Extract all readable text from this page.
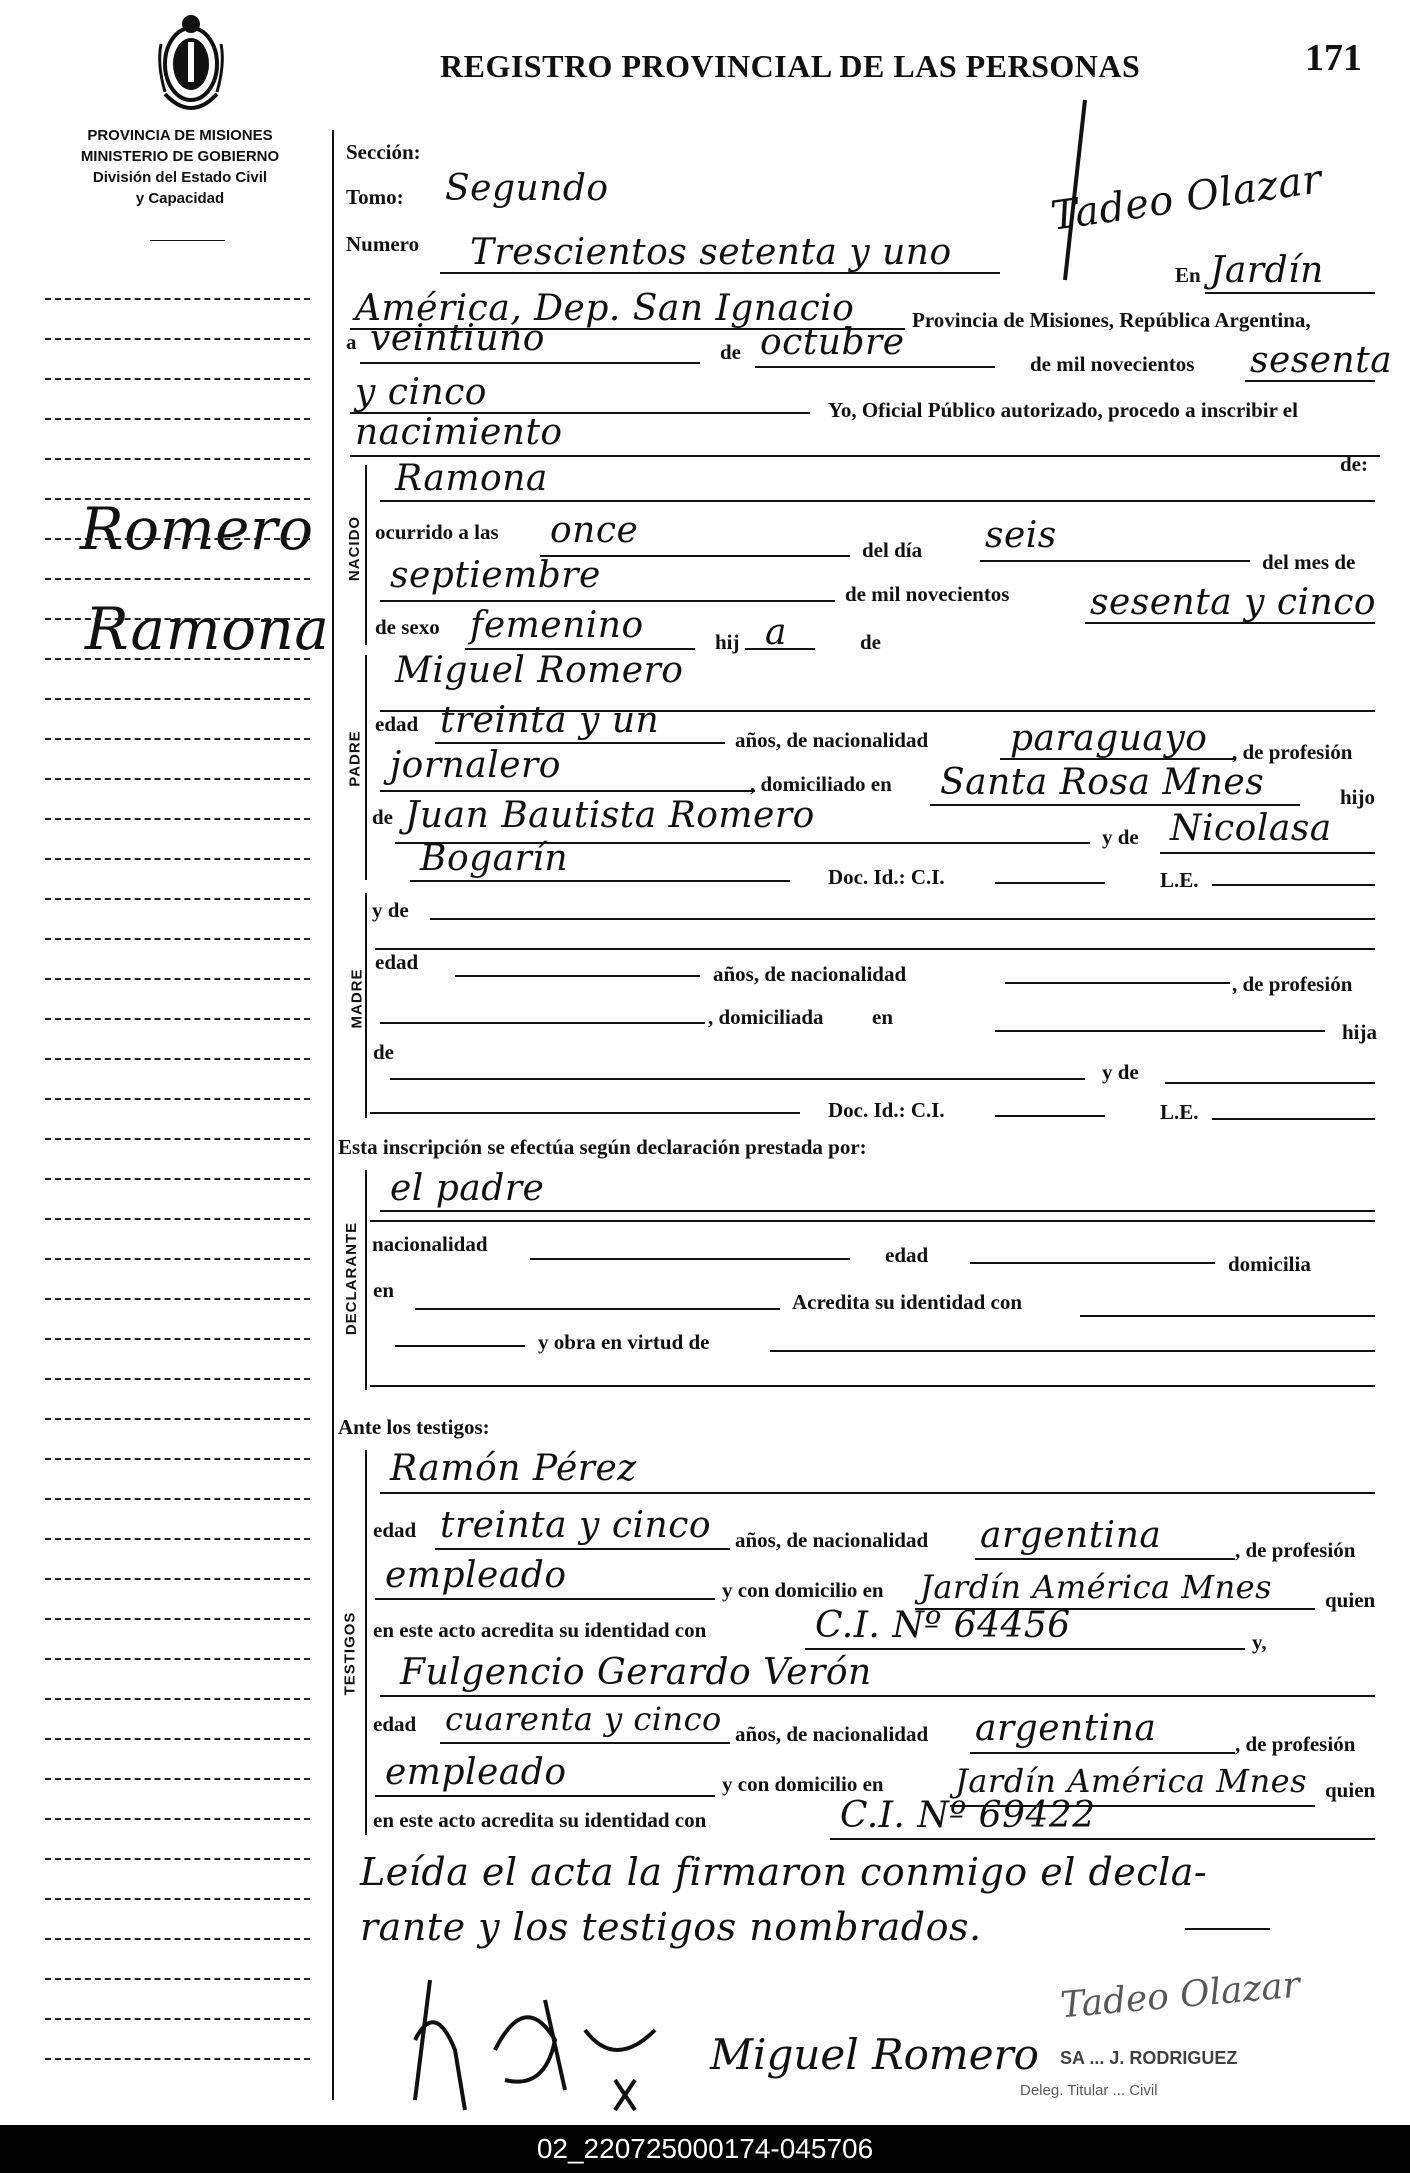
PROVINCIA DE MISIONES
MINISTERIO DE GOBIERNO
División del Estado Civil
y Capacidad
REGISTRO PROVINCIAL DE LAS PERSONAS	171
Romero
Ramona
Sección:
Tomo: Segundo
Numero Trescientos setenta y uno
En Jardín
América, Dep. San Ignacio	Provincia de Misiones, República Argentina,
a veintiuno	de octubre
de mil novecientos sesenta
y cinco	Yo, Oficial Público autorizado, procedo a inscribir el
nacimiento
de:
Tadeo Olazar
NACIDO
Ramona
ocurrido a las once	del día seis
del mes de
septiembre	de mil novecientos sesenta y cinco
de sexo femenino	hij a	de
PADRE
Miguel Romero
edad treinta y un	años, de nacionalidad paraguayo , de profesión
jornalero	, domiciliado en Santa Rosa Mnes	hijo
de Juan Bautista Romero
y de Nicolasa
Bogarín	Doc. Id.: C.I.	L.E.
MADRE
y de
edad	años, de nacionalidad	, de profesión
, domiciliada en
hija
de
y de
Doc. Id.: C.I.	L.E.
Esta inscripción se efectúa según declaración prestada por:
DECLARANTE
el padre
nacionalidad	edad	domicilia
en	Acredita su identidad con
y obra en virtud de
Ante los testigos:
TESTIGOS
Ramón Pérez
edad treinta y cinco años, de nacionalidad argentina	, de profesión
empleado	y con domicilio en Jardín América Mnes	quien
en este acto acredita su identidad con	C.I. Nº 64456	y,
Fulgencio Gerardo Verón
edad cuarenta y cinco años, de nacionalidad argentina	, de profesión
empleado	y con domicilio en Jardín América Mnes quien
en este acto acredita su identidad con	C.I. Nº 69422
Leída el acta la firmaron conmigo el decla-
rante y los testigos nombrados.
Miguel Romero SA ... J. RODRIGUEZ
Deleg. Titular ... Civil
Tadeo Olazar
02_220725000174-045706
